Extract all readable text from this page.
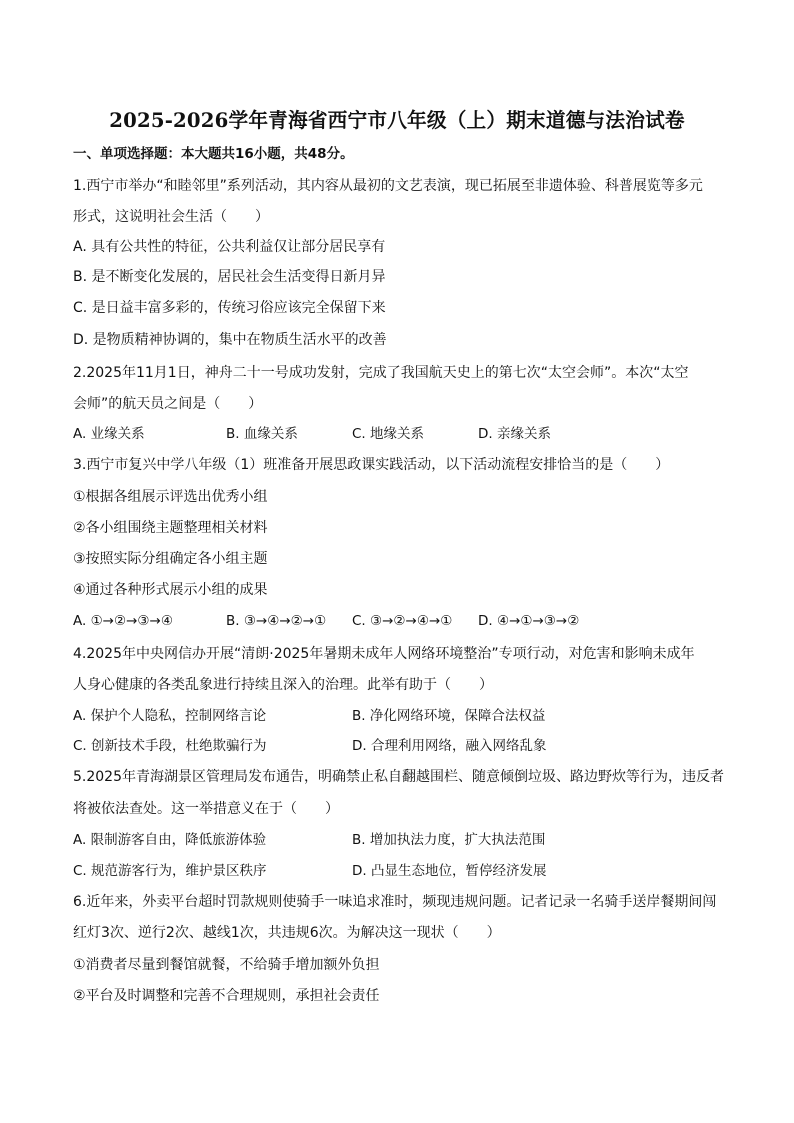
2025-2026学年青海省西宁市八年级（上）期末道德与法治试卷
一、单项选择题：本大题共16小题，共48分。
1.西宁市举办“和睦邻里”系列活动，其内容从最初的文艺表演，现已拓展至非遗体验、科普展览等多元
形式，这说明社会生活（　　）
A. 具有公共性的特征，公共利益仅让部分居民享有
B. 是不断变化发展的，居民社会生活变得日新月异
C. 是日益丰富多彩的，传统习俗应该完全保留下来
D. 是物质精神协调的，集中在物质生活水平的改善
2.2025年11月1日，神舟二十一号成功发射，完成了我国航天史上的第七次“太空会师”。本次“太空
会师”的航天员之间是（　　）
A. 业缘关系	B. 血缘关系	C. 地缘关系	D. 亲缘关系
3.西宁市复兴中学八年级（1）班准备开展思政课实践活动，以下活动流程安排恰当的是（　　）
①根据各组展示评选出优秀小组
②各小组围绕主题整理相关材料
③按照实际分组确定各小组主题
④通过各种形式展示小组的成果
A. ①→②→③→④	B. ③→④→②→① C. ③→②→④→① D. ④→①→③→②
4.2025年中央网信办开展“清朗·2025年暑期未成年人网络环境整治”专项行动，对危害和影响未成年
人身心健康的各类乱象进行持续且深入的治理。此举有助于（　　）
A. 保护个人隐私，控制网络言论	B. 净化网络环境，保障合法权益
C. 创新技术手段，杜绝欺骗行为	D. 合理利用网络，融入网络乱象
5.2025年青海湖景区管理局发布通告，明确禁止私自翻越围栏、随意倾倒垃圾、路边野炊等行为，违反者
将被依法查处。这一举措意义在于（　　）
A. 限制游客自由，降低旅游体验	B. 增加执法力度，扩大执法范围
C. 规范游客行为，维护景区秩序	D. 凸显生态地位，暂停经济发展
6.近年来，外卖平台超时罚款规则使骑手一味追求准时，频现违规问题。记者记录一名骑手送岸餐期间闯
红灯3次、逆行2次、越线1次，共违规6次。为解决这一现状（　　）
①消费者尽量到餐馆就餐，不给骑手增加额外负担
②平台及时调整和完善不合理规则，承担社会责任
